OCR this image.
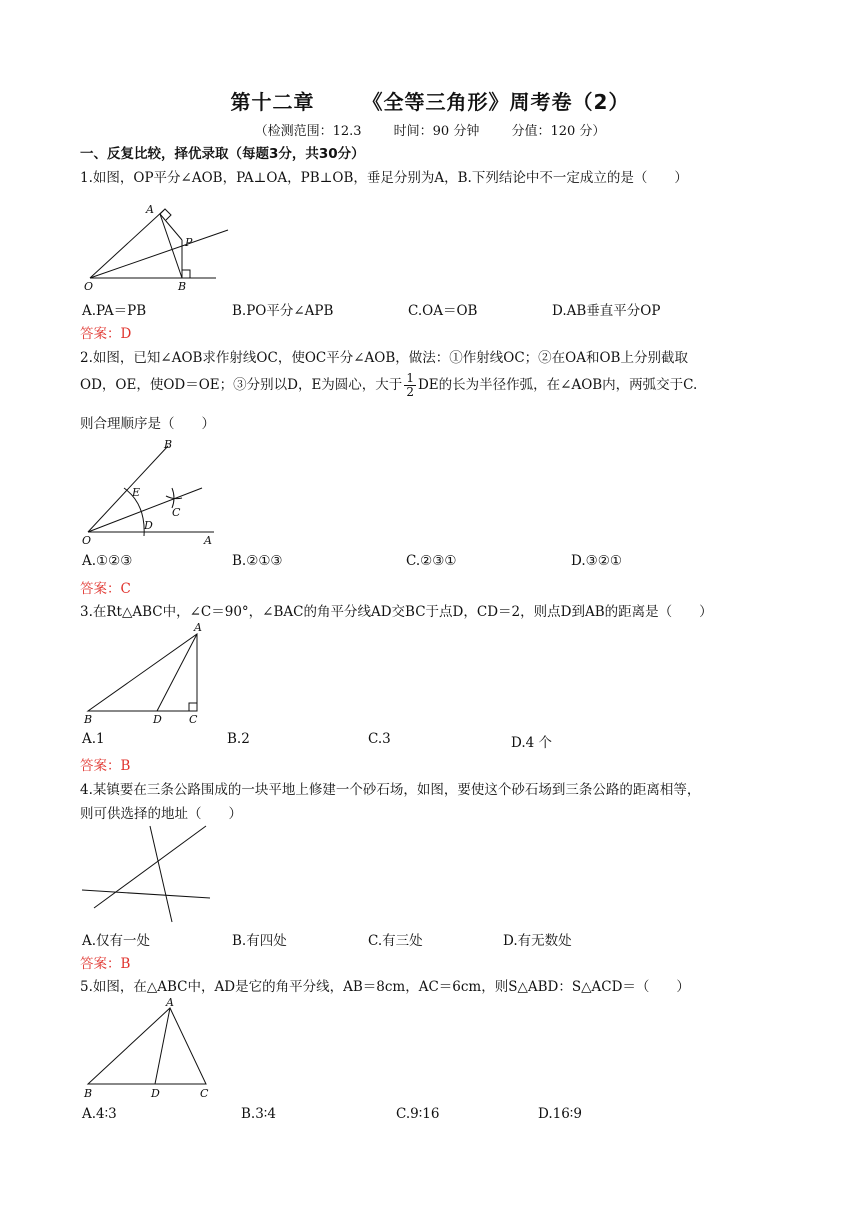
第十二章 《全等三角形》周考卷（2）
（检测范围：12.3 时间：90 分钟 分值：120 分）
一、反复比较，择优录取（每题3分，共30分）
1.如图，OP平分∠AOB，PA⊥OA，PB⊥OB，垂足分别为A，B.下列结论中不一定成立的是（　　）
A
P
O	B
A.PA＝PB	B.PO平分∠APB	C.OA＝OB	D.AB垂直平分OP
答案：D
2.如图，已知∠AOB求作射线OC，使OC平分∠AOB，做法：①作射线OC；②在OA和OB上分别截取
OD，OE，使OD＝OE；③分别以D，E为圆心，大于 $\frac{1}{2}$ DE的长为半径作弧，在∠AOB内，两弧交于C.
则合理顺序是（　　）
B
E
C
D
O	A
A.①②③	B.②①③	C.②③①	D.③②①
答案：C
3.在Rt△ABC中，∠C＝90°，∠BAC的角平分线AD交BC于点D，CD＝2，则点D到AB的距离是（　　）
A
B	D C
A.1	B.2	C.3	D.4 个
答案：B
4.某镇要在三条公路围成的一块平地上修建一个砂石场，如图，要使这个砂石场到三条公路的距离相等，
则可供选择的地址（　　）
A.仅有一处	B.有四处	C.有三处	D.有无数处
答案：B
5.如图，在△ABC中，AD是它的角平分线，AB＝8cm，AC＝6cm，则S△ABD：S△ACD＝（　　）
A
B	D	C
A.4∶3	B.3∶4	C.9∶16	D.16∶9
